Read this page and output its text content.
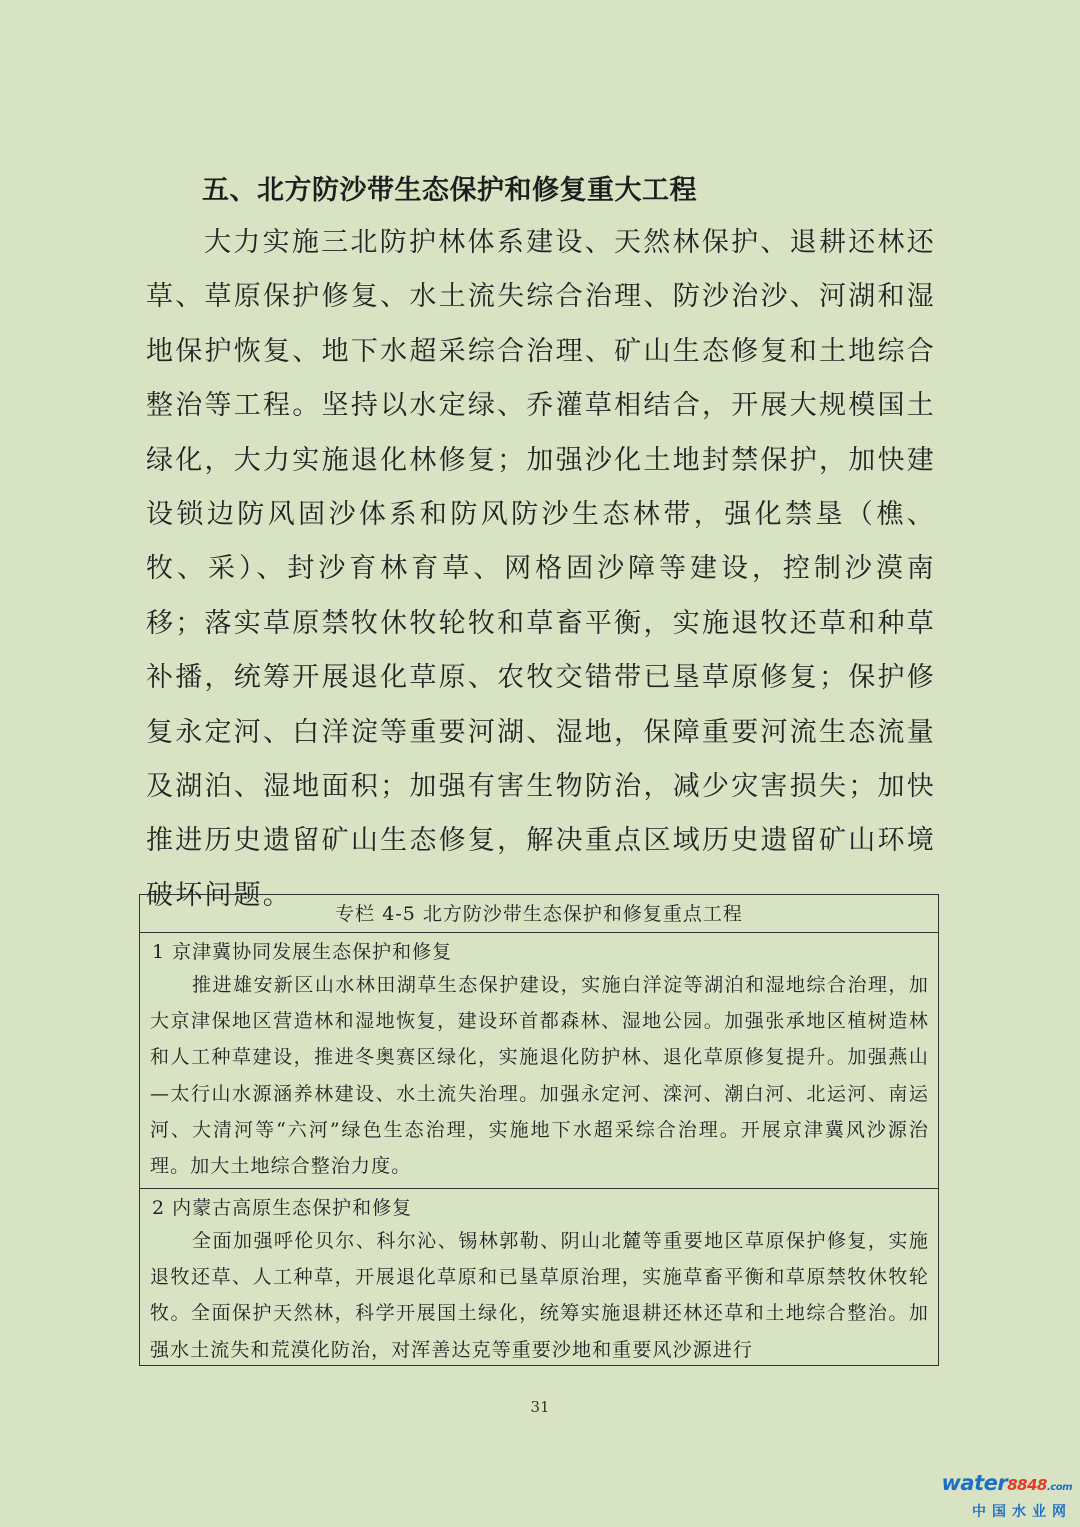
五、北方防沙带生态保护和修复重大工程

大力实施三北防护林体系建设、天然林保护、退耕还林还草、草原保护修复、水土流失综合治理、防沙治沙、河湖和湿地保护恢复、地下水超采综合治理、矿山生态修复和土地综合整治等工程。坚持以水定绿、乔灌草相结合，开展大规模国土绿化，大力实施退化林修复；加强沙化土地封禁保护，加快建设锁边防风固沙体系和防风防沙生态林带，强化禁垦（樵、牧、采）、封沙育林育草、网格固沙障等建设，控制沙漠南移；落实草原禁牧休牧轮牧和草畜平衡，实施退牧还草和种草补播，统筹开展退化草原、农牧交错带已垦草原修复；保护修复永定河、白洋淀等重要河湖、湿地，保障重要河流生态流量及湖泊、湿地面积；加强有害生物防治，减少灾害损失；加快推进历史遗留矿山生态修复，解决重点区域历史遗留矿山环境破坏问题。

专栏 4-5 北方防沙带生态保护和修复重点工程
1 京津冀协同发展生态保护和修复

推进雄安新区山水林田湖草生态保护建设，实施白洋淀等湖泊和湿地综合治理，加大京津保地区营造林和湿地恢复，建设环首都森林、湿地公园。加强张承地区植树造林和人工种草建设，推进冬奥赛区绿化，实施退化防护林、退化草原修复提升。加强燕山—太行山水源涵养林建设、水土流失治理。加强永定河、滦河、潮白河、北运河、南运河、大清河等“六河”绿色生态治理，实施地下水超采综合治理。开展京津冀风沙源治理。加大土地综合整治力度。

2 内蒙古高原生态保护和修复

全面加强呼伦贝尔、科尔沁、锡林郭勒、阴山北麓等重要地区草原保护修复，实施退牧还草、人工种草，开展退化草原和已垦草原治理，实施草畜平衡和草原禁牧休牧轮牧。全面保护天然林，科学开展国土绿化，统筹实施退耕还林还草和土地综合整治。加强水土流失和荒漠化防治，对浑善达克等重要沙地和重要风沙源进行

31
water8848.com
中国水业网
